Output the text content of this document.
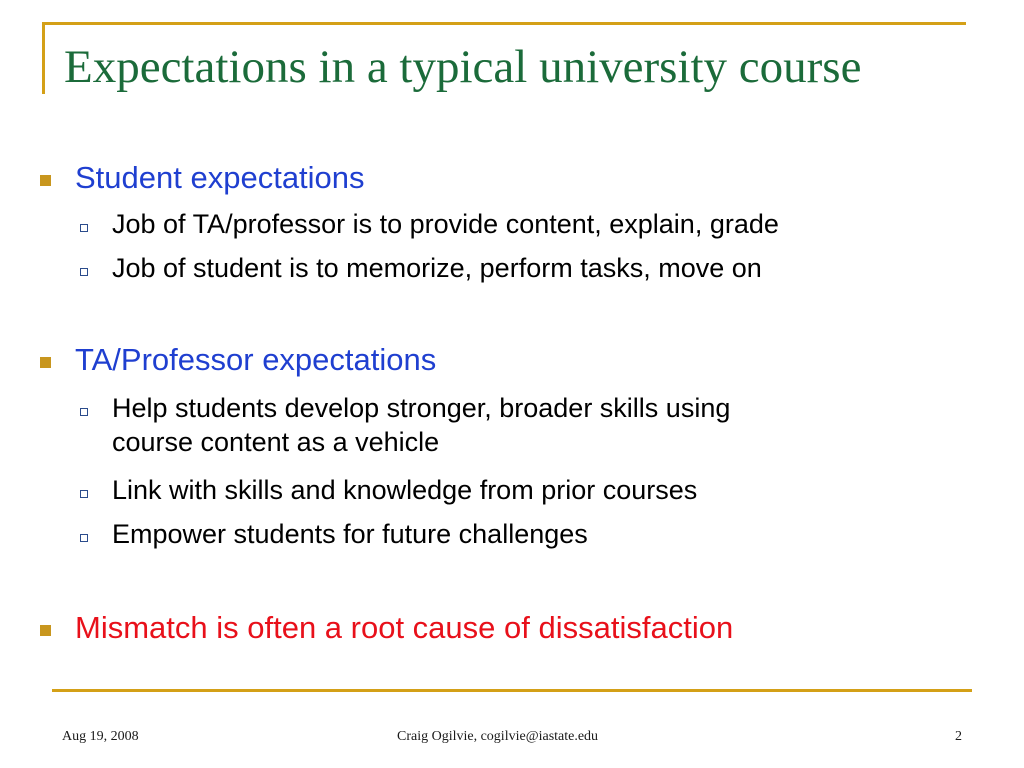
Expectations in a typical university course
Student expectations
Job of TA/professor is to provide content, explain, grade
Job of student is to memorize, perform tasks, move on
TA/Professor expectations
Help students develop stronger, broader skills using
course content as a vehicle
Link with skills and knowledge from prior courses
Empower students for future challenges
Mismatch is often a root cause of dissatisfaction
Aug 19, 2008	Craig Ogilvie, cogilvie@iastate.edu	2
